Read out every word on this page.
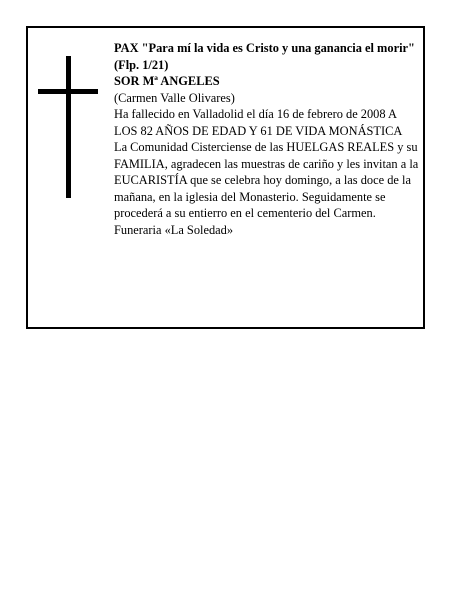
PAX "Para mí la vida es Cristo y una ganancia el morir" (Flp. 1/21)

SOR Mª ANGELES

(Carmen Valle Olivares)

Ha fallecido en Valladolid el día 16 de febrero de 2008 A LOS 82 AÑOS DE EDAD Y 61 DE VIDA MONÁSTICA

La Comunidad Cisterciense de las HUELGAS REALES y su FAMILIA, agradecen las muestras de cariño y les invitan a la EUCARISTÍA que se celebra hoy domingo, a las doce de la mañana, en la iglesia del Monasterio. Seguidamente se procederá a su entierro en el cementerio del Carmen.

Funeraria «La Soledad»
